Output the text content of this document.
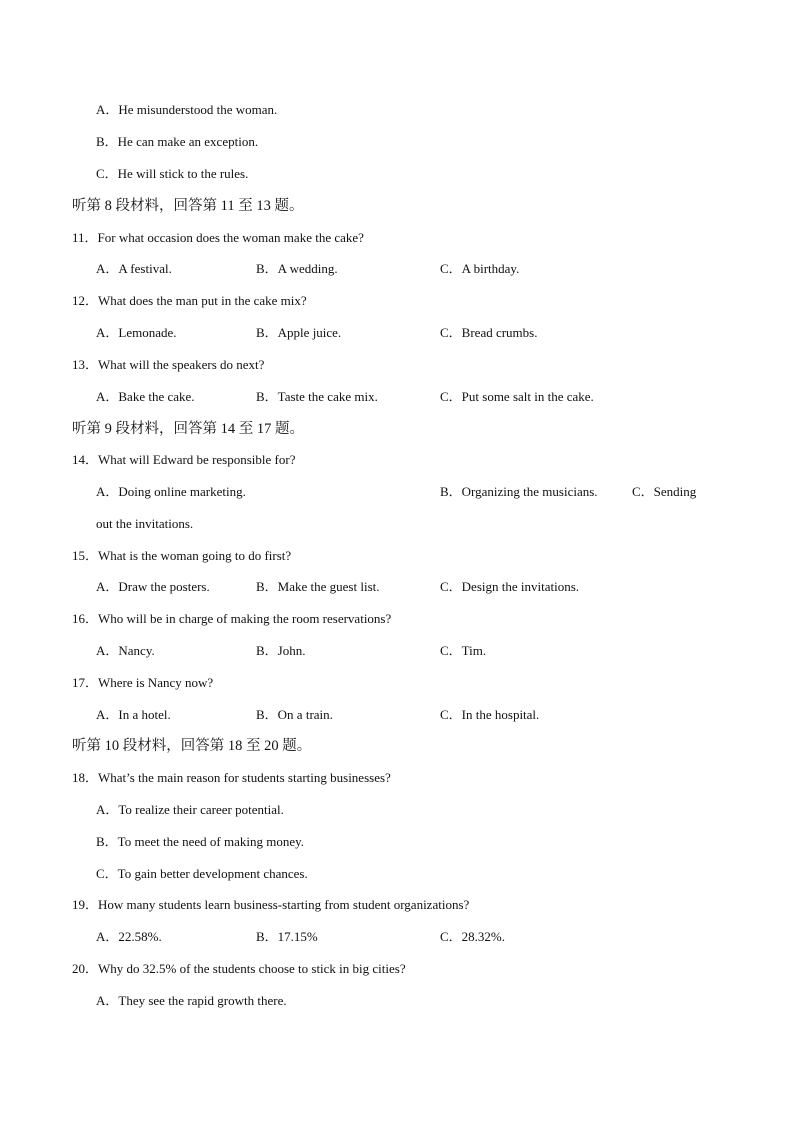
A．He misunderstood the woman.
B．He can make an exception.
C．He will stick to the rules.
听第 8 段材料，回答第 11 至 13 题。
11．For what occasion does the woman make the cake?
A．A festival.	B．A wedding.	C．A birthday.
12．What does the man put in the cake mix?
A．Lemonade.	B．Apple juice.	C．Bread crumbs.
13．What will the speakers do next?
A．Bake the cake.	B．Taste the cake mix.	C．Put some salt in the cake.
听第 9 段材料，回答第 14 至 17 题。
14．What will Edward be responsible for?
A．Doing online marketing.	B．Organizing the musicians.	C．Sending
out the invitations.
15．What is the woman going to do first?
A．Draw the posters.	B．Make the guest list.	C．Design the invitations.
16．Who will be in charge of making the room reservations?
A．Nancy.	B．John.	C．Tim.
17．Where is Nancy now?
A．In a hotel.	B．On a train.	C．In the hospital.
听第 10 段材料，回答第 18 至 20 题。
18．What’s the main reason for students starting businesses?
A．To realize their career potential.
B．To meet the need of making money.
C．To gain better development chances.
19．How many students learn business-starting from student organizations?
A．22.58%.	B．17.15%	C．28.32%.
20．Why do 32.5% of the students choose to stick in big cities?
A．They see the rapid growth there.
